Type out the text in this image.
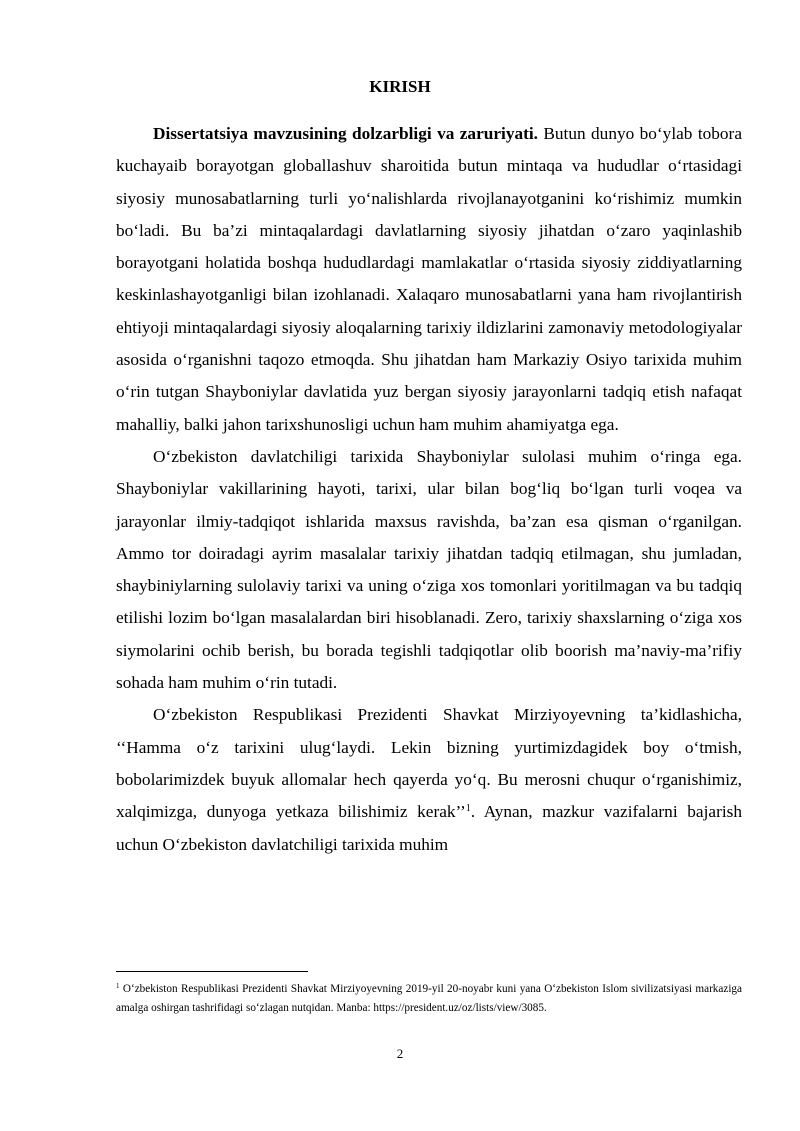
KIRISH

Dissertatsiya mavzusining dolzarbligi va zaruriyati. Butun dunyo bo‘ylab tobora kuchayaib borayotgan globallashuv sharoitida butun mintaqa va hududlar o‘rtasidagi siyosiy munosabatlarning turli yo‘nalishlarda rivojlanayotganini ko‘rishimiz mumkin bo‘ladi. Bu ba’zi mintaqalardagi davlatlarning siyosiy jihatdan o‘zaro yaqinlashib borayotgani holatida boshqa hududlardagi mamlakatlar o‘rtasida siyosiy ziddiyatlarning keskinlashayotganligi bilan izohlanadi. Xalaqaro munosabatlarni yana ham rivojlantirish ehtiyoji mintaqalardagi siyosiy aloqalarning tarixiy ildizlarini zamonaviy metodologiyalar asosida o‘rganishni taqozo etmoqda. Shu jihatdan ham Markaziy Osiyo tarixida muhim o‘rin tutgan Shayboniylar davlatida yuz bergan siyosiy jarayonlarni tadqiq etish nafaqat mahalliy, balki jahon tarixshunosligi uchun ham muhim ahamiyatga ega.

O‘zbekiston davlatchiligi tarixida Shayboniylar sulolasi muhim o‘ringa ega. Shayboniylar vakillarining hayoti, tarixi, ular bilan bog‘liq bo‘lgan turli voqea va jarayonlar ilmiy-tadqiqot ishlarida maxsus ravishda, ba’zan esa qisman o‘rganilgan. Ammo tor doiradagi ayrim masalalar tarixiy jihatdan tadqiq etilmagan, shu jumladan, shaybiniylarning sulolaviy tarixi va uning o‘ziga xos tomonlari yoritilmagan va bu tadqiq etilishi lozim bo‘lgan masalalardan biri hisoblanadi. Zero, tarixiy shaxslarning o‘ziga xos siymolarini ochib berish, bu borada tegishli tadqiqotlar olib boorish ma’naviy-ma’rifiy sohada ham muhim o‘rin tutadi.

O‘zbekiston Respublikasi Prezidenti Shavkat Mirziyoyevning ta’kidlashicha, ‘‘Hamma o‘z tarixini ulug‘laydi. Lekin bizning yurtimizdagidek boy o‘tmish, bobolarimizdek buyuk allomalar hech qayerda yo‘q. Bu merosni chuqur o‘rganishimiz, xalqimizga, dunyoga yetkaza bilishimiz kerak’’$^1$. Aynan, mazkur vazifalarni bajarish uchun O‘zbekiston davlatchiligi tarixida muhim

$^1$ O‘zbekiston Respublikasi Prezidenti Shavkat Mirziyoyevning 2019-yil 20-noyabr kuni yana O‘zbekiston Islom sivilizatsiyasi markaziga amalga oshirgan tashrifidagi so‘zlagan nutqidan. Manba: https://president.uz/oz/lists/view/3085.
2
